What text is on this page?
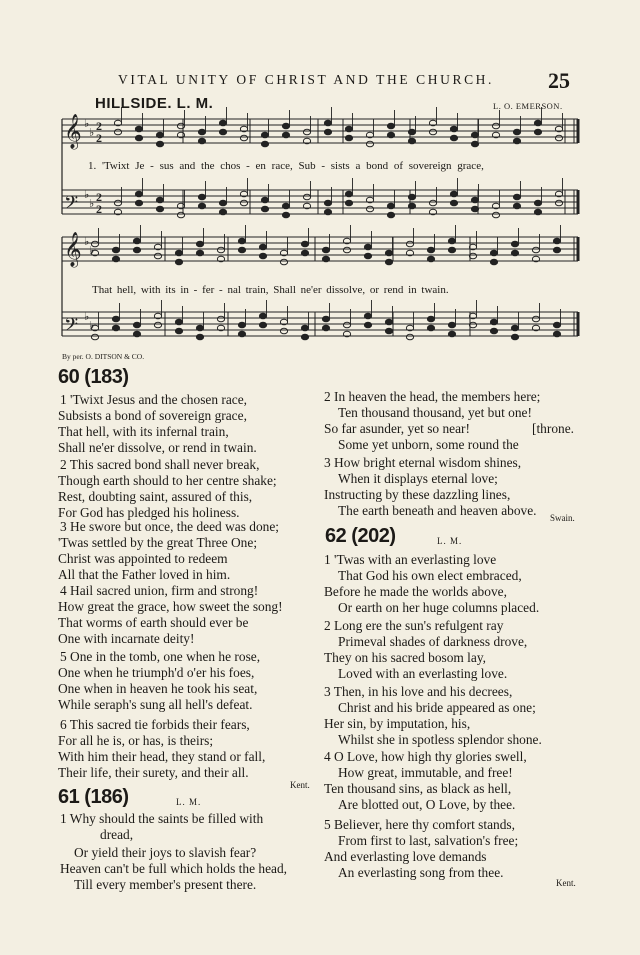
VITAL UNITY OF CHRIST AND THE CHURCH. 25
HILLSIDE. L. M.	L. O. EMERSON.
𝄞 ♭
♭ 2
2
𝄢 ♭
♭ 2
2
𝄞 ♭
♭
𝄢 ♭
♭
1. 'Twixt Je - sus and the chos - en race, Sub - sists a bond of sovereign grace,
That hell, with its in - fer - nal train, Shall ne'er dissolve, or rend in twain.
By per. O. DITSON & CO.
60 (183)
1 'Twixt Jesus and the chosen race,
Subsists a bond of sovereign grace,
That hell, with its infernal train,
Shall ne'er dissolve, or rend in twain.
2 This sacred bond shall never break,
Though earth should to her centre shake;
Rest, doubting saint, assured of this,
For God has pledged his holiness.
3 He swore but once, the deed was done;
'Twas settled by the great Three One;
Christ was appointed to redeem
All that the Father loved in him.
4 Hail sacred union, firm and strong!
How great the grace, how sweet the song!
That worms of earth should ever be
One with incarnate deity!
5 One in the tomb, one when he rose,
One when he triumph'd o'er his foes,
One when in heaven he took his seat,
While seraph's sung all hell's defeat.
6 This sacred tie forbids their fears,
For all he is, or has, is theirs;
With him their head, they stand or fall,
Their life, their surety, and their all.
Kent.
2 In heaven the head, the members here;
Ten thousand thousand, yet but one!
So far asunder, yet so near!	[throne.
Some yet unborn, some round the
3 How bright eternal wisdom shines,
When it displays eternal love;
Instructing by these dazzling lines,
The earth beneath and heaven above. Swain.
61 (186)	L. M.
1 Why should the saints be filled with
dread,
Or yield their joys to slavish fear?
Heaven can't be full which holds the head,
Till every member's present there.
62 (202)	L. M.
1 'Twas with an everlasting love
That God his own elect embraced,
Before he made the worlds above,
Or earth on her huge columns placed.
2 Long ere the sun's refulgent ray
Primeval shades of darkness drove,
They on his sacred bosom lay,
Loved with an everlasting love.
3 Then, in his love and his decrees,
Christ and his bride appeared as one;
Her sin, by imputation, his,
Whilst she in spotless splendor shone.
4 O Love, how high thy glories swell,
How great, immutable, and free!
Ten thousand sins, as black as hell,
Are blotted out, O Love, by thee.
5 Believer, here thy comfort stands,
From first to last, salvation's free;
And everlasting love demands
An everlasting song from thee.
Kent.
